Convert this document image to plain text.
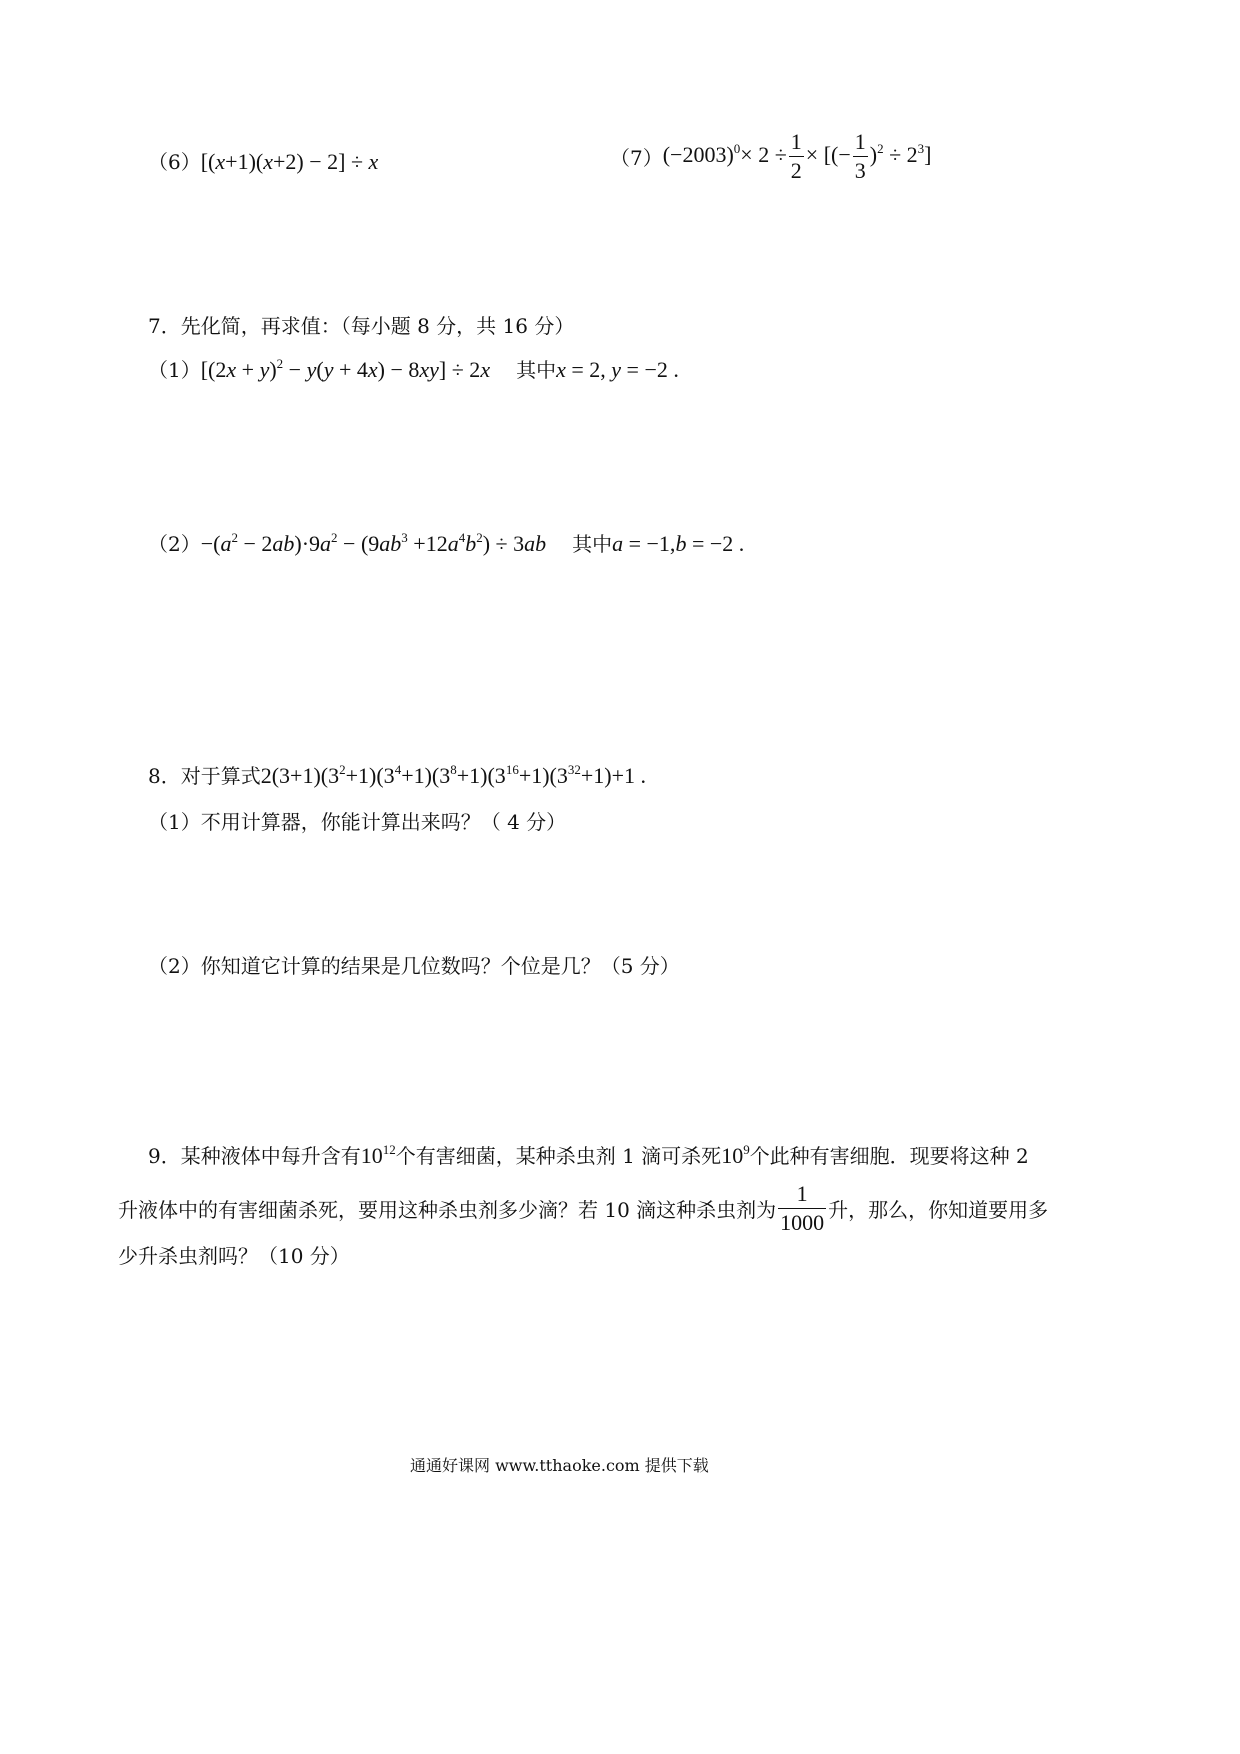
（6）[(x+1)(x+2) − 2] ÷ x	$(7)(-2003)^0\times 2 \div \frac{1}{2}$ × [(− $\frac{1}{3} )^2 \div 2^3$]
7．先化简，再求值：（每小题 8 分，共 16 分）
$(1)[(2x + y)^2 - y(y + 4x) - 8xy] \div 2x$ 其中x = 2, y = −2 .
$(2)-(a^2 - 2ab)\cdot 9a^2 - (9ab^3 +12a^4b^2) \div 3ab$ 其中a = −1,b = −2 .
8．对于算式$2(3+1)(3^2+1)(3^4+1)(3^8+1)(3^{16}+1)(3^{32}+1)+1$ .
（1）不用计算器，你能计算出来吗？（ 4 分）
（2）你知道它计算的结果是几位数吗？个位是几？（5 分）
9．某种液体中每升含有$10^{12}$个有害细菌，某种杀虫剂 1 滴可杀死$10^9$个此种有害细胞．现要将这种 2
升液体中的有害细菌杀死，要用这种杀虫剂多少滴？若 10 滴这种杀虫剂为 $\frac{1}{1000}$ 升，那么，你知道要用多
少升杀虫剂吗？（10 分）
通通好课网 www.tthaoke.com 提供下载
